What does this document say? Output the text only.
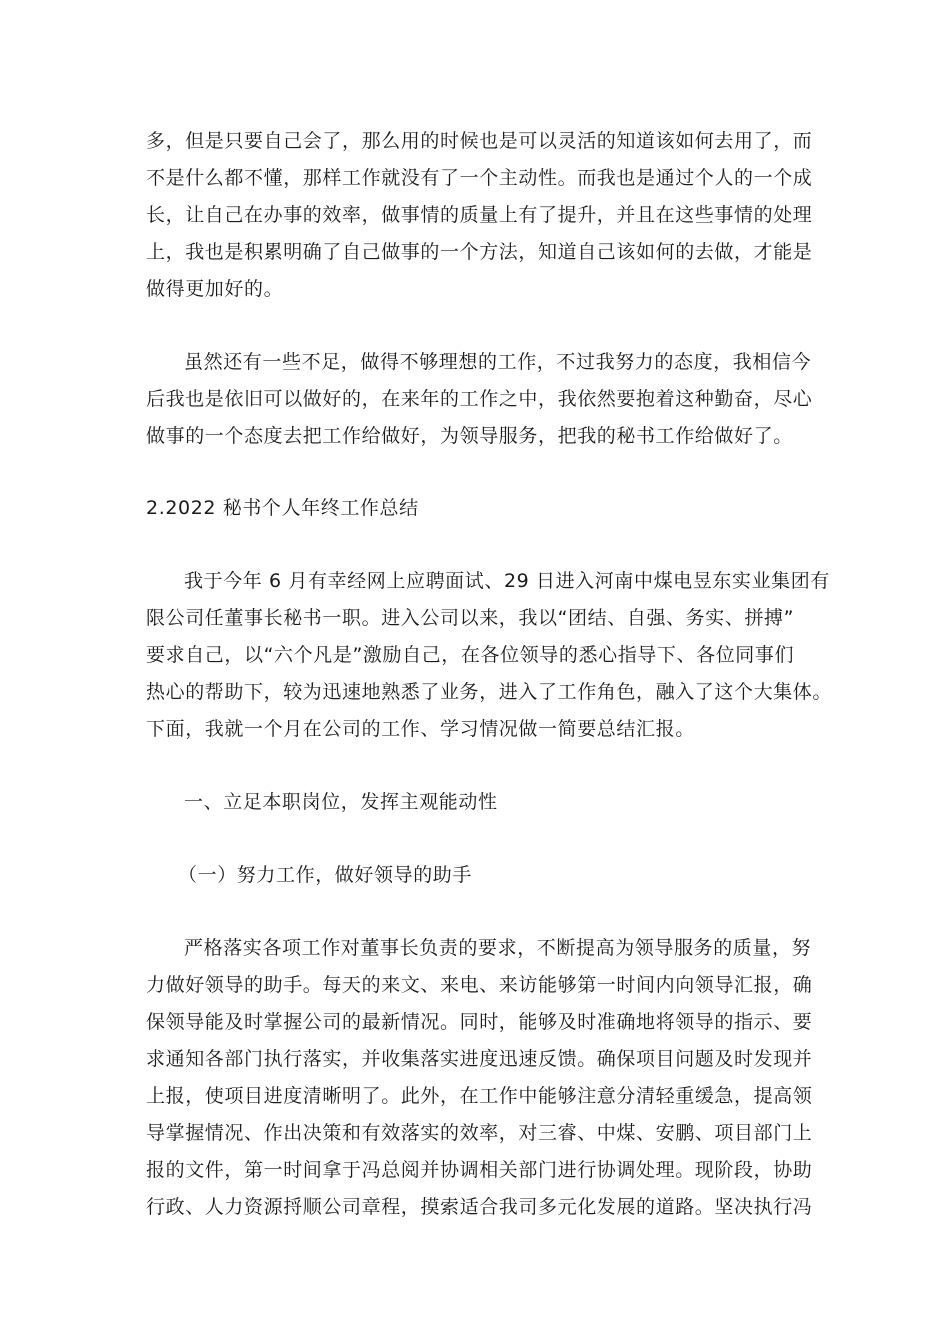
多，但是只要自己会了，那么用的时候也是可以灵活的知道该如何去用了，而
不是什么都不懂，那样工作就没有了一个主动性。而我也是通过个人的一个成
长，让自己在办事的效率，做事情的质量上有了提升，并且在这些事情的处理
上，我也是积累明确了自己做事的一个方法，知道自己该如何的去做，才能是
做得更加好的。
虽然还有一些不足，做得不够理想的工作，不过我努力的态度，我相信今
后我也是依旧可以做好的，在来年的工作之中，我依然要抱着这种勤奋，尽心
做事的一个态度去把工作给做好，为领导服务，把我的秘书工作给做好了。
2.2022 秘书个人年终工作总结
我于今年 6 月有幸经网上应聘面试、29 日进入河南中煤电昱东实业集团有
限公司任董事长秘书一职。进入公司以来，我以“团结、自强、务实、拼搏”
要求自己，以“六个凡是”激励自己，在各位领导的悉心指导下、各位同事们
热心的帮助下，较为迅速地熟悉了业务，进入了工作角色，融入了这个大集体。
下面，我就一个月在公司的工作、学习情况做一简要总结汇报。
一、立足本职岗位，发挥主观能动性
（一）努力工作，做好领导的助手
严格落实各项工作对董事长负责的要求，不断提高为领导服务的质量，努
力做好领导的助手。每天的来文、来电、来访能够第一时间内向领导汇报，确
保领导能及时掌握公司的最新情况。同时，能够及时准确地将领导的指示、要
求通知各部门执行落实，并收集落实进度迅速反馈。确保项目问题及时发现并
上报，使项目进度清晰明了。此外，在工作中能够注意分清轻重缓急，提高领
导掌握情况、作出决策和有效落实的效率，对三睿、中煤、安鹏、项目部门上
报的文件，第一时间拿于冯总阅并协调相关部门进行协调处理。现阶段，协助
行政、人力资源捋顺公司章程，摸索适合我司多元化发展的道路。坚决执行冯
